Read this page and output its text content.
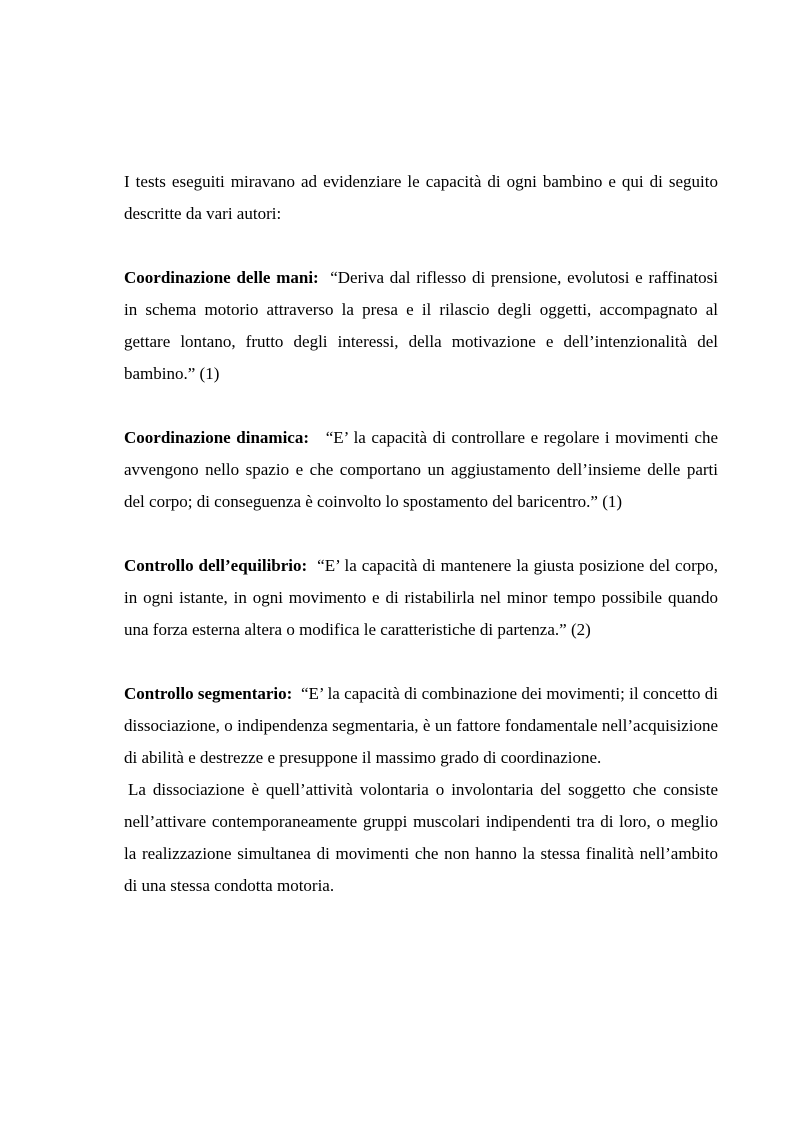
I tests eseguiti miravano ad evidenziare le capacità di ogni bambino e qui di seguito descritte da vari autori:

Coordinazione delle mani: “Deriva dal riflesso di prensione, evolutosi e raffinatosi in schema motorio attraverso la presa e il rilascio degli oggetti, accompagnato al gettare lontano, frutto degli interessi, della motivazione e dell’intenzionalità del bambino.” (1)

Coordinazione dinamica: “E’ la capacità di controllare e regolare i movimenti che avvengono nello spazio e che comportano un aggiustamento dell’insieme delle parti del corpo; di conseguenza è coinvolto lo spostamento del baricentro.” (1)

Controllo dell’equilibrio: “E’ la capacità di mantenere la giusta posizione del corpo, in ogni istante, in ogni movimento e di ristabilirla nel minor tempo possibile quando una forza esterna altera o modifica le caratteristiche di partenza.” (2)

Controllo segmentario: “E’ la capacità di combinazione dei movimenti; il concetto di dissociazione, o indipendenza segmentaria, è un fattore fondamentale nell’acquisizione di abilità e destrezze e presuppone il massimo grado di coordinazione.

La dissociazione è quell’attività volontaria o involontaria del soggetto che consiste nell’attivare contemporaneamente gruppi muscolari indipendenti tra di loro, o meglio la realizzazione simultanea di movimenti che non hanno la stessa finalità nell’ambito di una stessa condotta motoria.
